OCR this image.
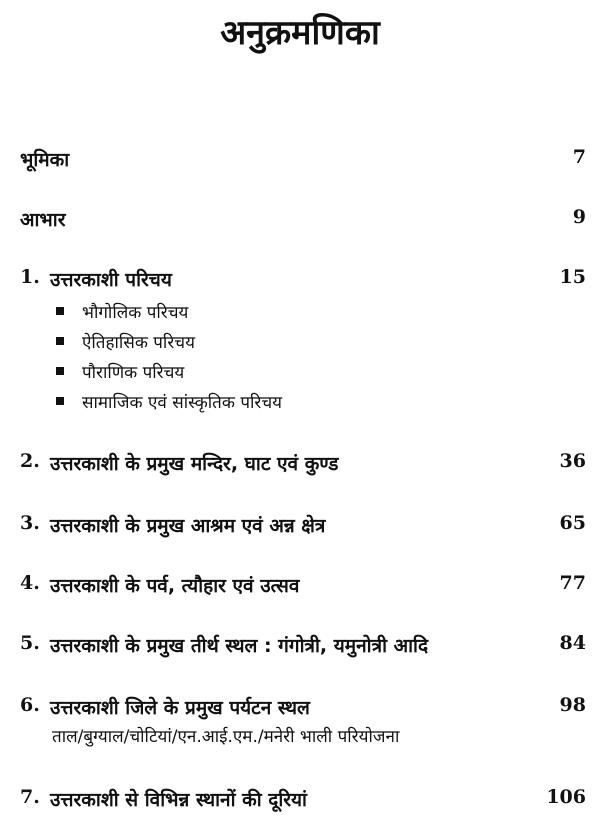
अनुक्रमणिका
भूमिका	7
आभार	9
1. उत्तरकाशी परिचय	15
भौगोलिक परिचय
ऐतिहासिक परिचय
पौराणिक परिचय
सामाजिक एवं सांस्कृतिक परिचय
2. उत्तरकाशी के प्रमुख मन्दिर, घाट एवं कुण्ड	36
3. उत्तरकाशी के प्रमुख आश्रम एवं अन्न क्षेत्र	65
4. उत्तरकाशी के पर्व, त्यौहार एवं उत्सव	77
5. उत्तरकाशी के प्रमुख तीर्थ स्थल : गंगोत्री, यमुनोत्री आदि	84
6. उत्तरकाशी जिले के प्रमुख पर्यटन स्थल	98
ताल/बुग्याल/चोटियां/एन.आई.एम./मनेरी भाली परियोजना
7. उत्तरकाशी से विभिन्न स्थानों की दूरियां	106
